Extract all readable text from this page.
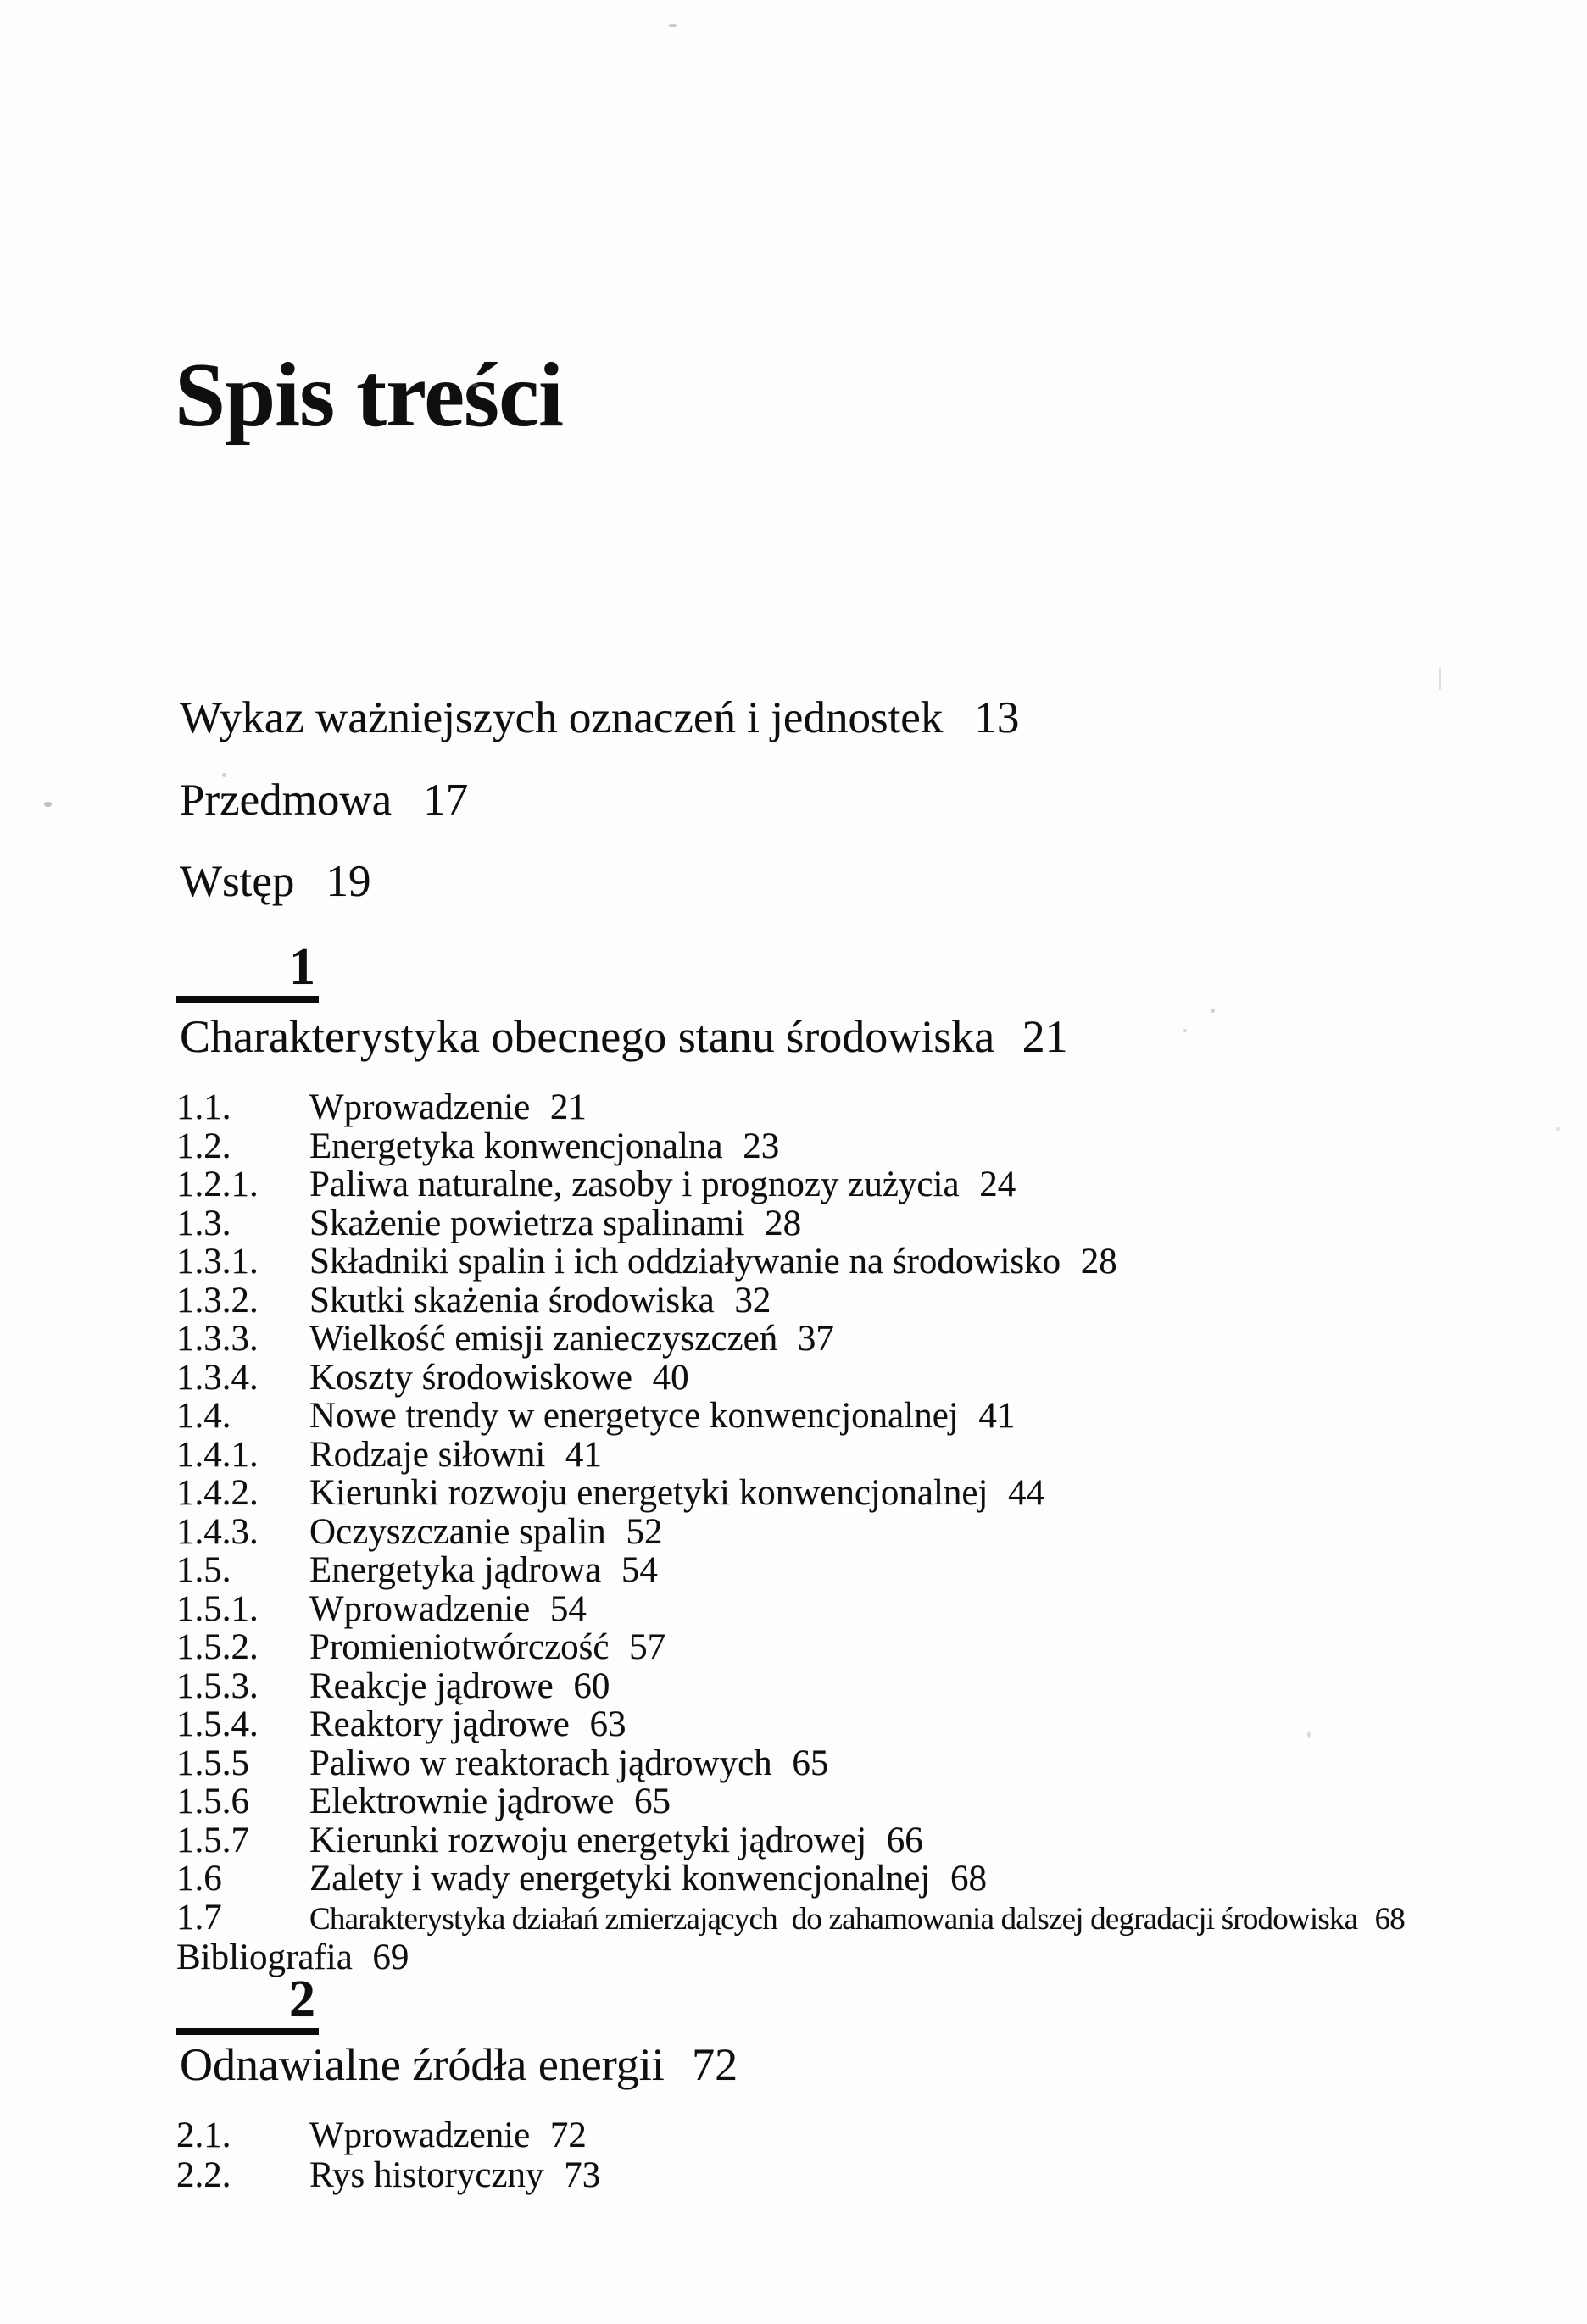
Spis treści
Wykaz ważniejszych oznaczeń i jednostek 13
Przedmowa 17
Wstęp 19
1
Charakterystyka obecnego stanu środowiska 21
1.1. Wprowadzenie 21
1.2. Energetyka konwencjonalna 23
1.2.1. Paliwa naturalne, zasoby i prognozy zużycia 24
1.3. Skażenie powietrza spalinami 28
1.3.1. Składniki spalin i ich oddziaływanie na środowisko 28
1.3.2. Skutki skażenia środowiska 32
1.3.3. Wielkość emisji zanieczyszczeń 37
1.3.4. Koszty środowiskowe 40
1.4. Nowe trendy w energetyce konwencjonalnej 41
1.4.1. Rodzaje siłowni 41
1.4.2. Kierunki rozwoju energetyki konwencjonalnej 44
1.4.3. Oczyszczanie spalin 52
1.5. Energetyka jądrowa 54
1.5.1. Wprowadzenie 54
1.5.2. Promieniotwórczość 57
1.5.3. Reakcje jądrowe 60
1.5.4. Reaktory jądrowe 63
1.5.5 Paliwo w reaktorach jądrowych 65
1.5.6 Elektrownie jądrowe 65
1.5.7 Kierunki rozwoju energetyki jądrowej 66
1.6 Zalety i wady energetyki konwencjonalnej 68
1.7	Charakterystyka działań zmierzających  do zahamowania dalszej degradacji środowiska 68
Bibliografia 69
2
Odnawialne źródła energii 72
2.1. Wprowadzenie 72
2.2. Rys historyczny 73
